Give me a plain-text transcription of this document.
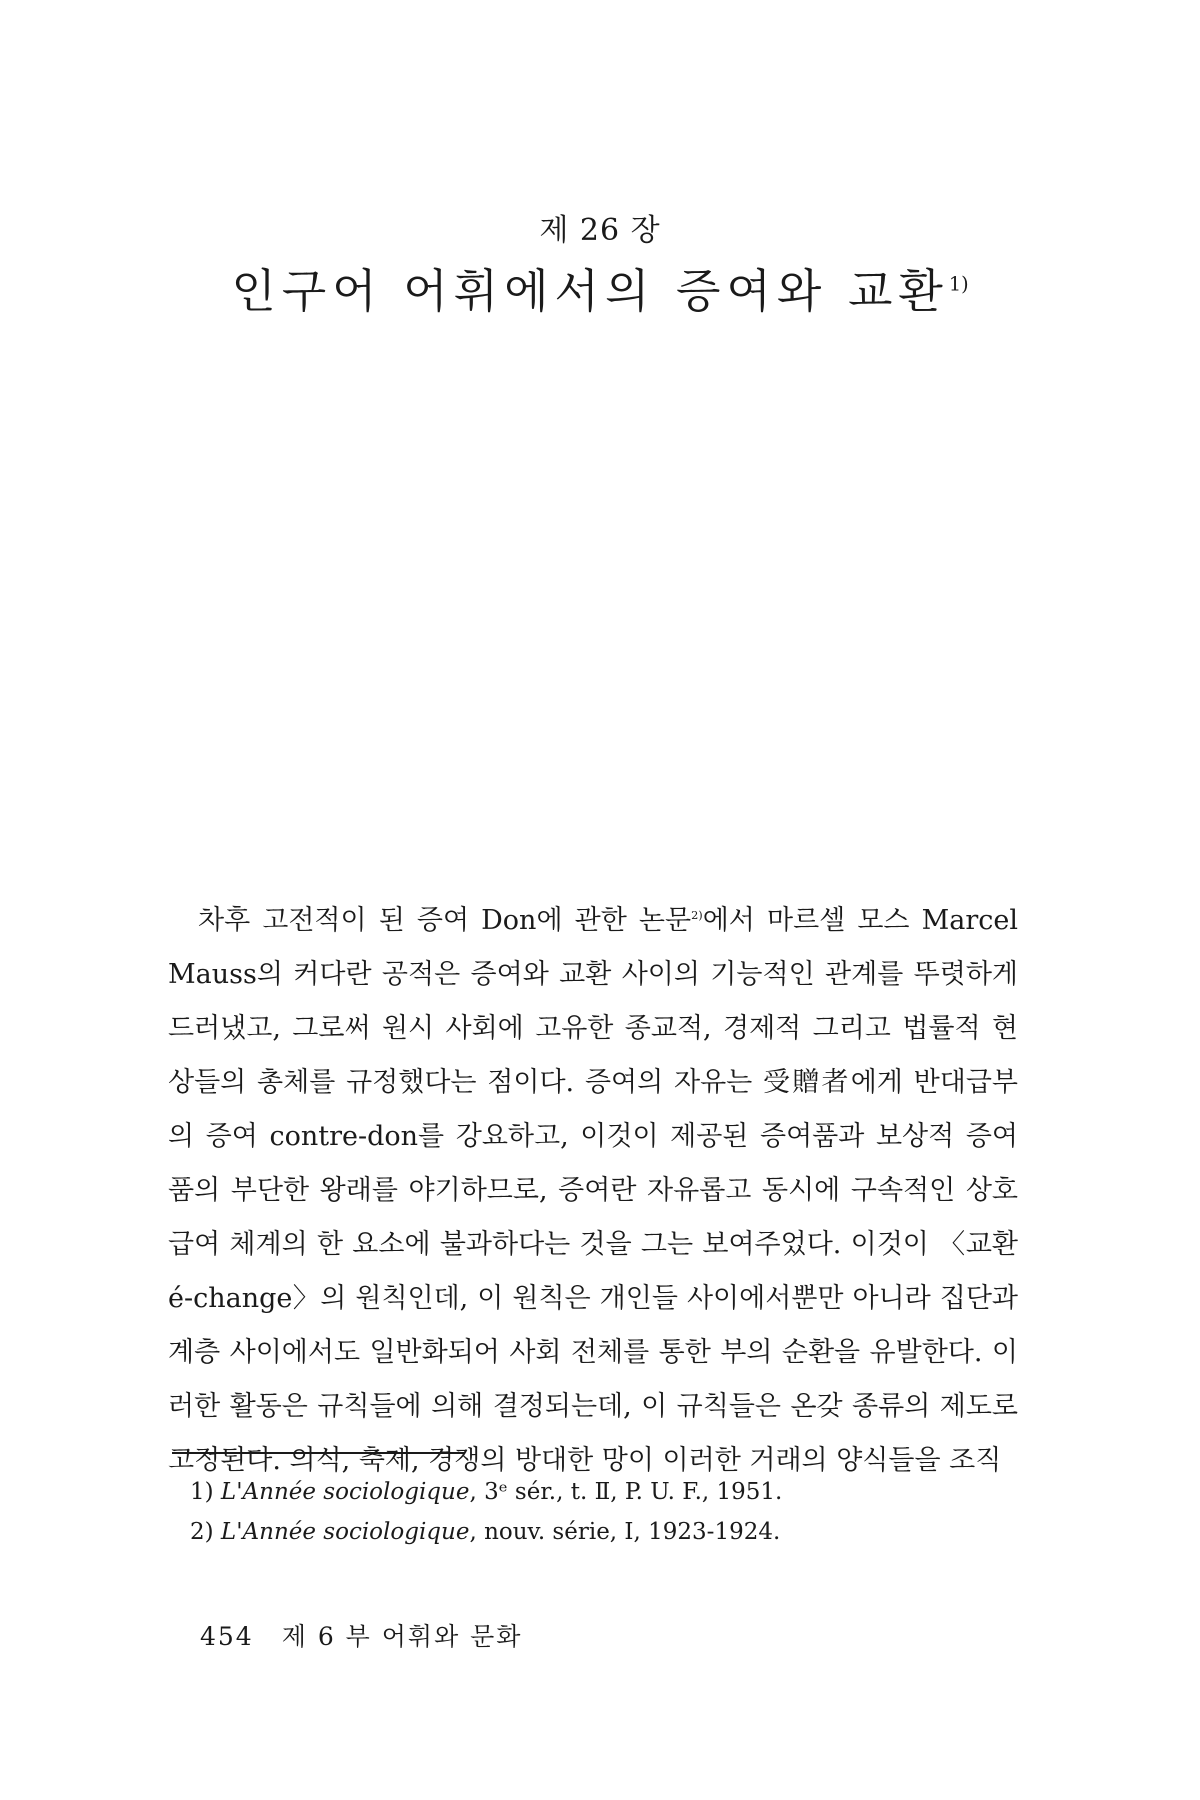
제 26 장
인구어 어휘에서의 증여와 교환$^{1)}$

차후 고전적이 된 증여 Don에 관한 논문$^{2)}$에서 마르셀 모스 Marcel Mauss의 커다란 공적은 증여와 교환 사이의 기능적인 관계를 뚜렷하게 드러냈고, 그로써 원시 사회에 고유한 종교적, 경제적 그리고 법률적 현상들의 총체를 규정했다는 점이다. 증여의 자유는 受贈者에게 반대급부의 증여 contre-don를 강요하고, 이것이 제공된 증여품과 보상적 증여품의 부단한 왕래를 야기하므로, 증여란 자유롭고 동시에 구속적인 상호급여 체계의 한 요소에 불과하다는 것을 그는 보여주었다. 이것이 〈교환 é-change〉의 원칙인데, 이 원칙은 개인들 사이에서뿐만 아니라 집단과 계층 사이에서도 일반화되어 사회 전체를 통한 부의 순환을 유발한다. 이러한 활동은 규칙들에 의해 결정되는데, 이 규칙들은 온갖 종류의 제도로 고정된다. 의식, 축제, 경쟁의 방대한 망이 이러한 거래의 양식들을 조직

1) L'Année sociologique, 3ᵉ sér., t. Ⅱ, P. U. F., 1951.
2) L'Année sociologique, nouv. série, Ⅰ, 1923-1924.
454 제 6 부 어휘와 문화
